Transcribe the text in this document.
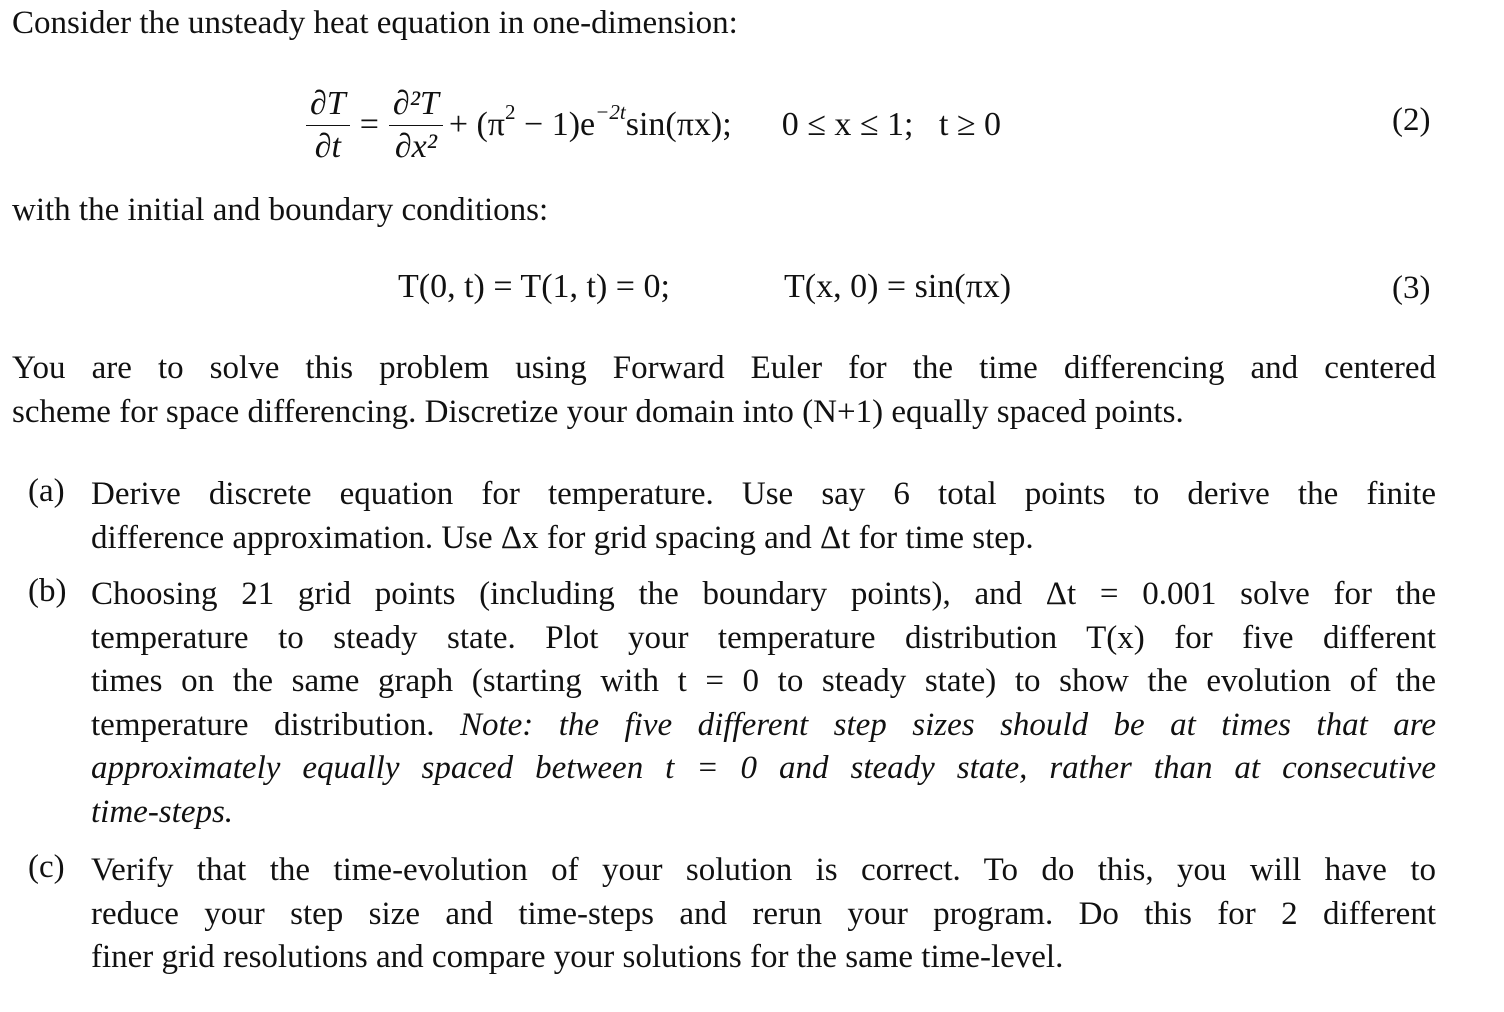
Consider the unsteady heat equation in one-dimension:
$\frac{\partial T}{\partial t} = \frac{\text{∂²T}}{\text{∂x²}} + (\pi^2 - 1)e^{-2t}\sin(\pi x)$; 0 ≤ x ≤ 1;   t ≥ 0	(2)
with the initial and boundary conditions:
T(0, t) = T(1, t) = 0;	T(x, 0) = sin(πx)	(3)
You are to solve this problem using Forward Euler for the time differencing and centered
scheme for space differencing. Discretize your domain into (N+1) equally spaced points.
(a) Derive discrete equation for temperature. Use say 6 total points to derive the finite
difference approximation. Use Δx for grid spacing and Δt for time step.
(b) Choosing 21 grid points (including the boundary points), and Δt = 0.001 solve for the
temperature to steady state. Plot your temperature distribution T(x) for five different
times on the same graph (starting with t = 0 to steady state) to show the evolution of the
temperature distribution. Note: the five different step sizes should be at times that are
approximately equally spaced between t = 0 and steady state, rather than at consecutive
time-steps.
(c) Verify that the time-evolution of your solution is correct. To do this, you will have to
reduce your step size and time-steps and rerun your program. Do this for 2 different
finer grid resolutions and compare your solutions for the same time-level.
